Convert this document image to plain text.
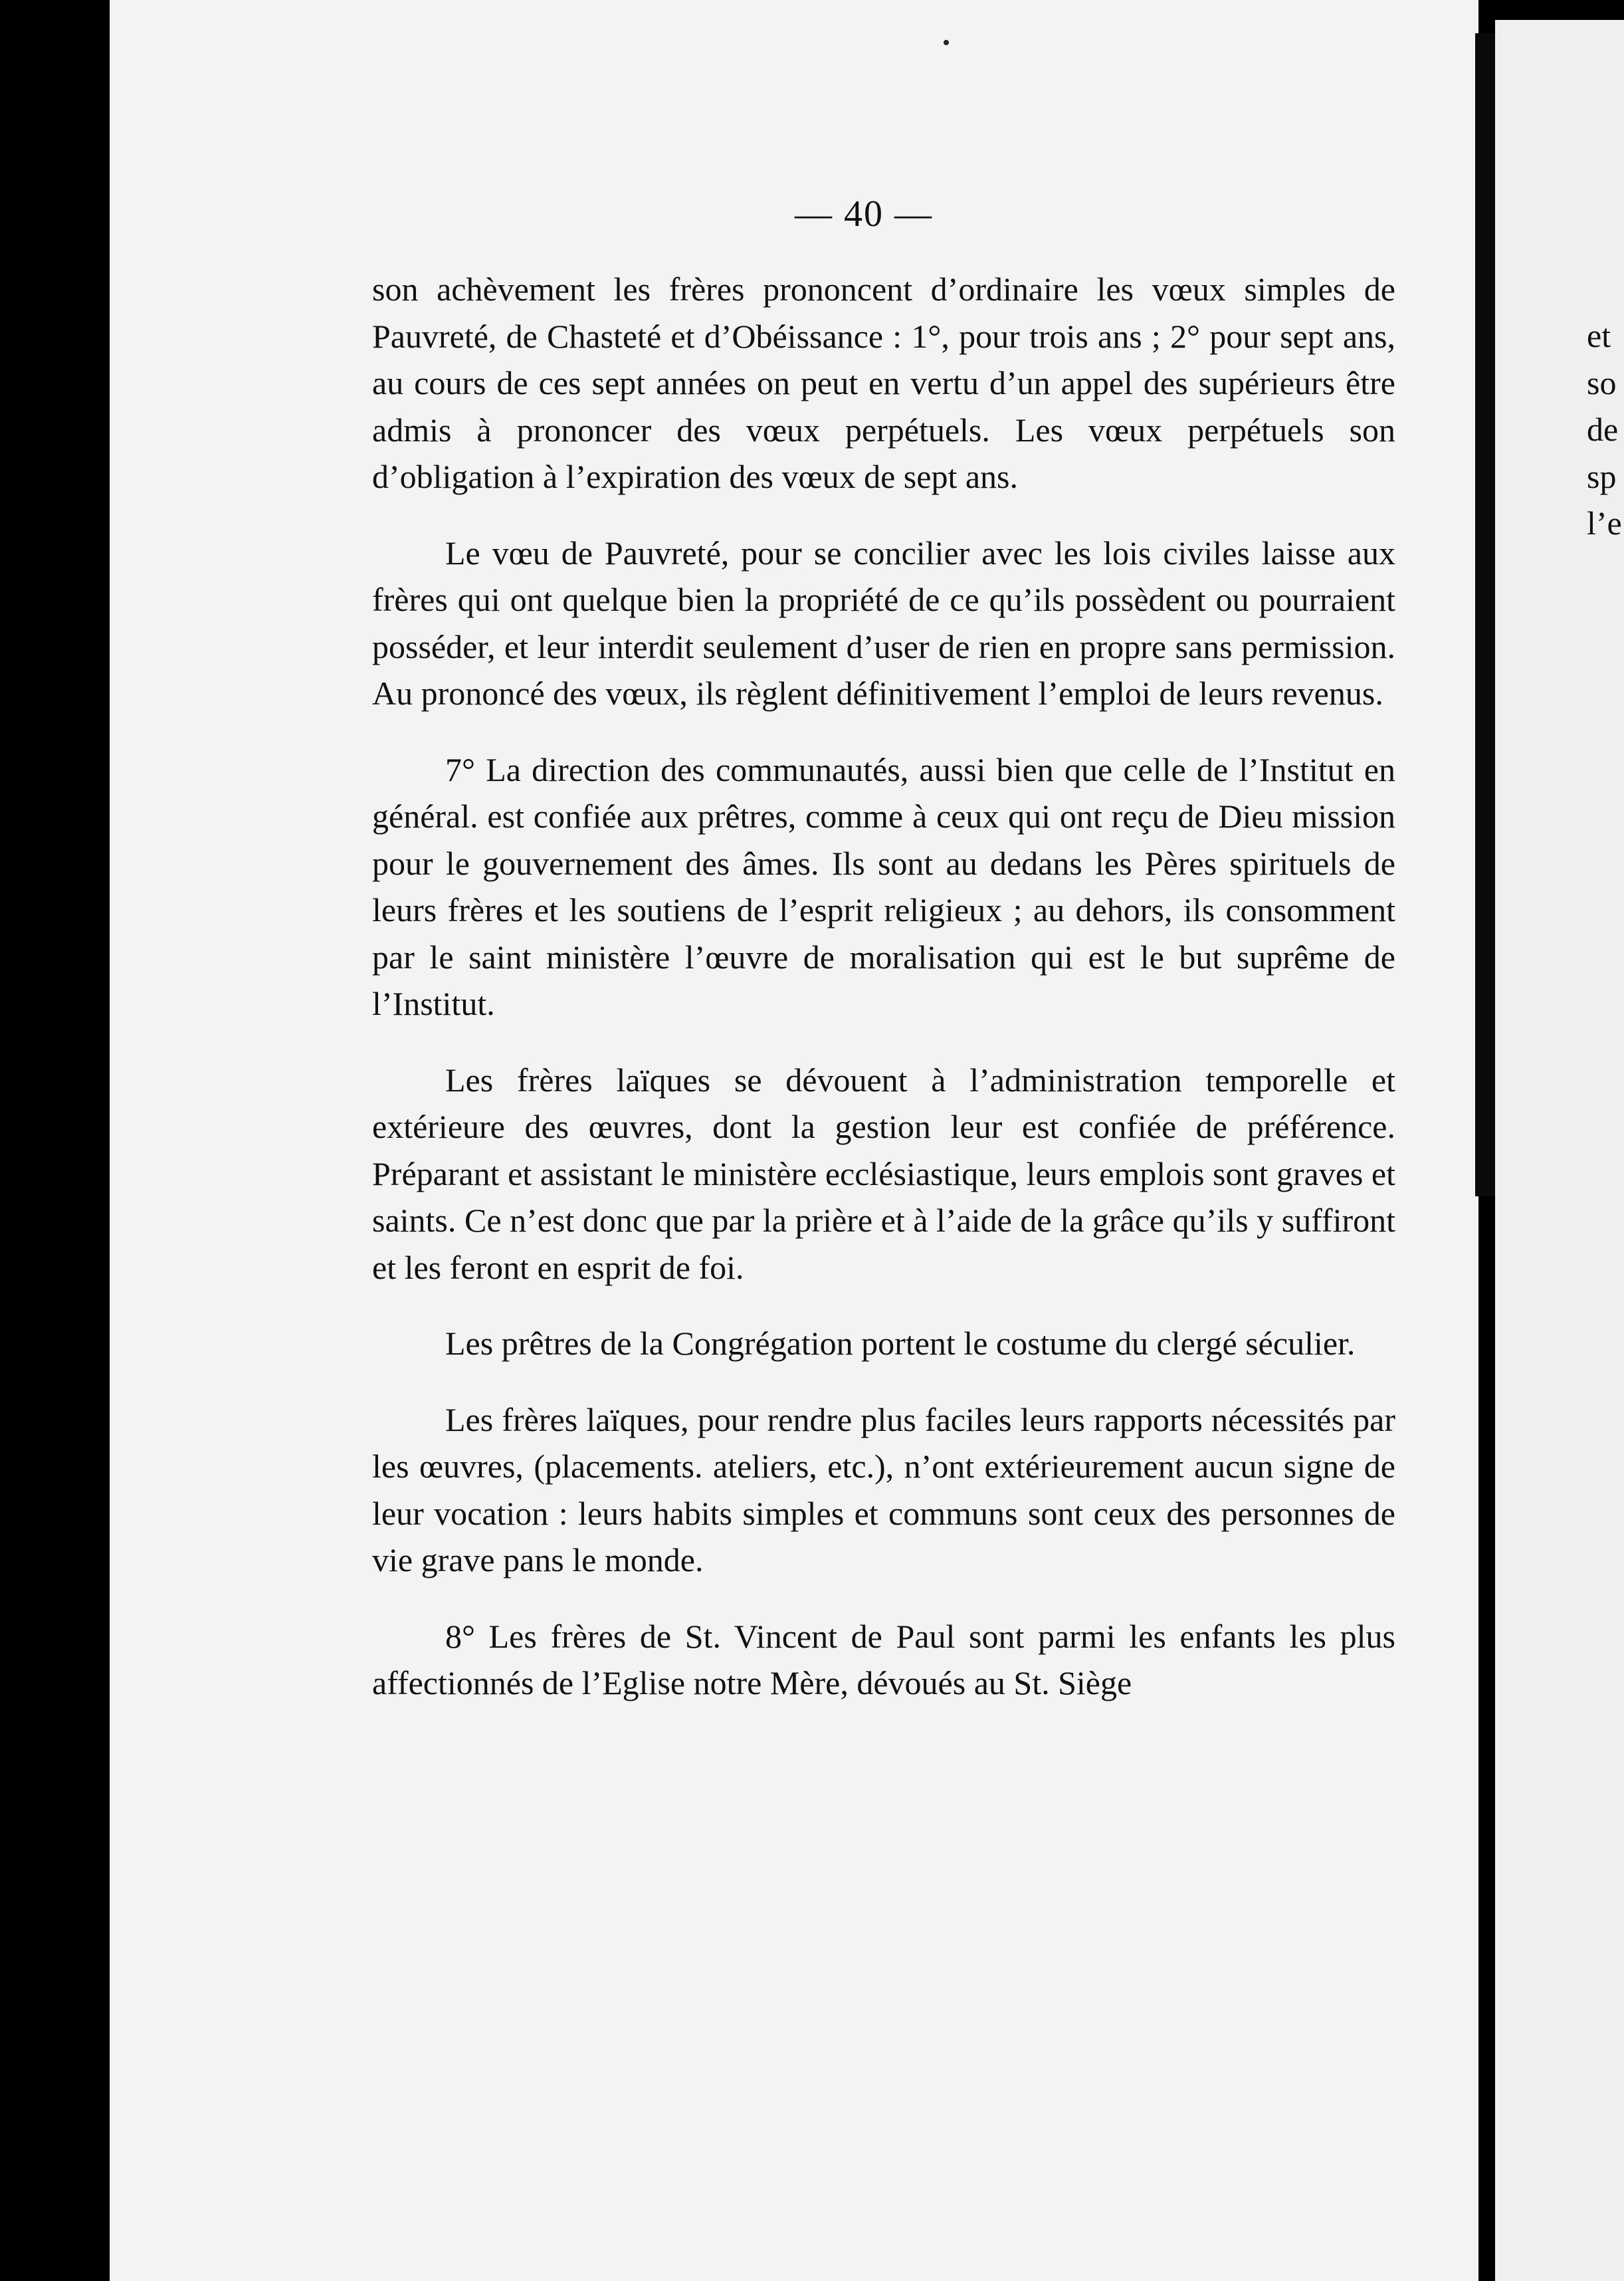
— 40 —

son achèvement les frères prononcent d’ordinaire les vœux simples de Pauvreté, de Chasteté et d’Obéissance : 1°, pour trois ans ; 2° pour sept ans, au cours de ces sept années on peut en vertu d’un appel des supérieurs être admis à prononcer des vœux perpétuels. Les vœux perpétuels son d’obligation à l’expiration des vœux de sept ans.

Le vœu de Pauvreté, pour se concilier avec les lois civiles laisse aux frères qui ont quelque bien la propriété de ce qu’ils possèdent ou pourraient posséder, et leur interdit seulement d’user de rien en propre sans permission. Au prononcé des vœux, ils règlent définitivement l’emploi de leurs revenus.

7° La direction des communautés, aussi bien que celle de l’Institut en général. est confiée aux prêtres, comme à ceux qui ont reçu de Dieu mission pour le gouvernement des âmes. Ils sont au dedans les Pères spirituels de leurs frères et les soutiens de l’esprit religieux ; au dehors, ils consomment par le saint ministère l’œuvre de moralisation qui est le but suprême de l’Institut.

Les frères laïques se dévouent à l’administration temporelle et extérieure des œuvres, dont la gestion leur est confiée de préférence. Préparant et assistant le ministère ecclésiastique, leurs emplois sont graves et saints. Ce n’est donc que par la prière et à l’aide de la grâce qu’ils y suffiront et les feront en esprit de foi.

Les prêtres de la Congrégation portent le costume du clergé séculier.

Les frères laïques, pour rendre plus faciles leurs rapports nécessités par les œuvres, (placements. ateliers, etc.), n’ont extérieurement aucun signe de leur vocation : leurs habits simples et communs sont ceux des personnes de vie grave pans le monde.

8° Les frères de St. Vincent de Paul sont parmi les enfants les plus affectionnés de l’Eglise notre Mère, dévoués au St. Siège

et
so
de
sp
l’e
